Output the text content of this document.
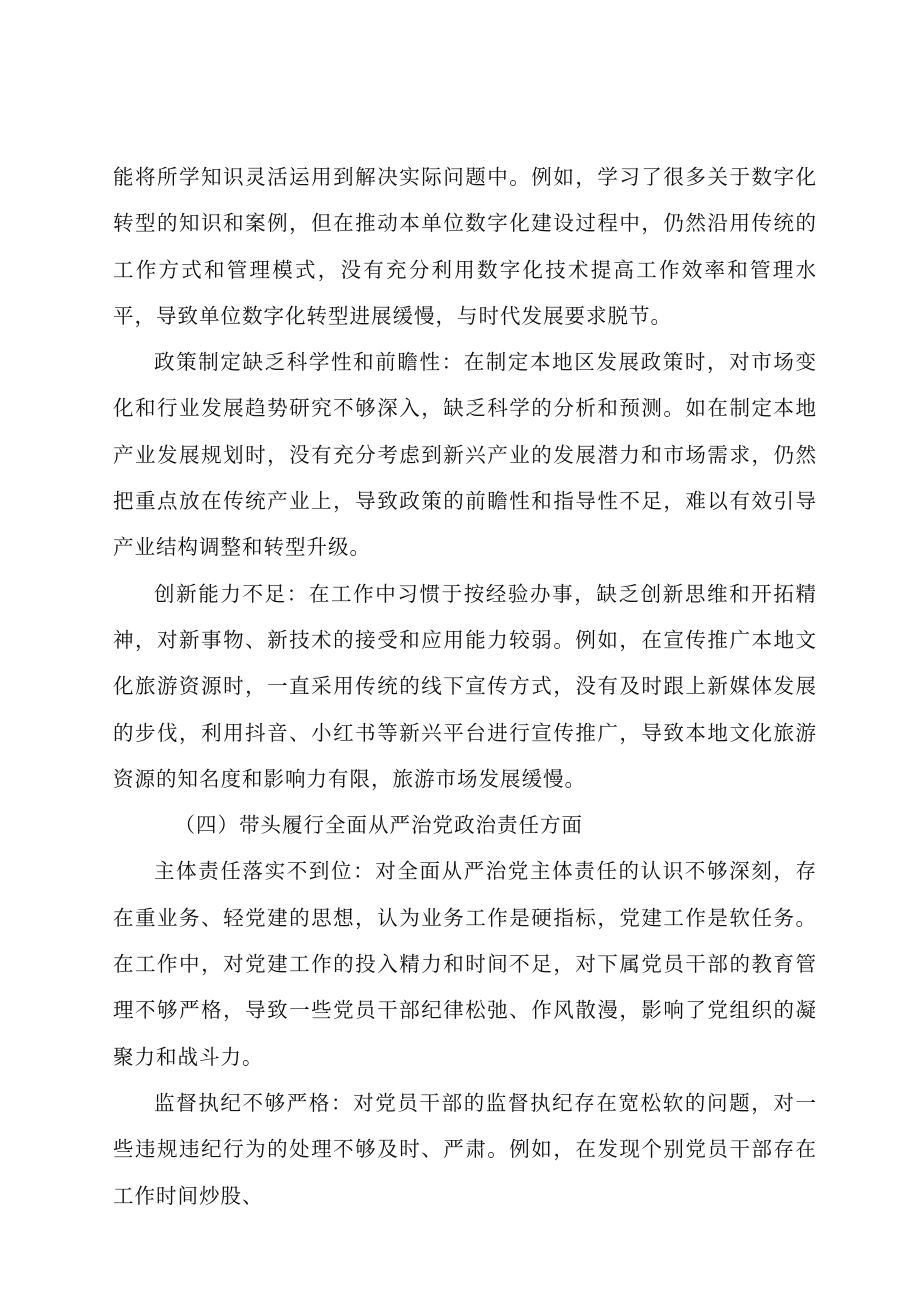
能将所学知识灵活运用到解决实际问题中。例如，学习了很多关于数字化转型的知识和案例，但在推动本单位数字化建设过程中，仍然沿用传统的工作方式和管理模式，没有充分利用数字化技术提高工作效率和管理水平，导致单位数字化转型进展缓慢，与时代发展要求脱节。

政策制定缺乏科学性和前瞻性：在制定本地区发展政策时，对市场变化和行业发展趋势研究不够深入，缺乏科学的分析和预测。如在制定本地产业发展规划时，没有充分考虑到新兴产业的发展潜力和市场需求，仍然把重点放在传统产业上，导致政策的前瞻性和指导性不足，难以有效引导产业结构调整和转型升级。

创新能力不足：在工作中习惯于按经验办事，缺乏创新思维和开拓精神，对新事物、新技术的接受和应用能力较弱。例如，在宣传推广本地文化旅游资源时，一直采用传统的线下宣传方式，没有及时跟上新媒体发展的步伐，利用抖音、小红书等新兴平台进行宣传推广，导致本地文化旅游资源的知名度和影响力有限，旅游市场发展缓慢。

（四）带头履行全面从严治党政治责任方面

主体责任落实不到位：对全面从严治党主体责任的认识不够深刻，存在重业务、轻党建的思想，认为业务工作是硬指标，党建工作是软任务。在工作中，对党建工作的投入精力和时间不足，对下属党员干部的教育管理不够严格，导致一些党员干部纪律松弛、作风散漫，影响了党组织的凝聚力和战斗力。

监督执纪不够严格：对党员干部的监督执纪存在宽松软的问题，对一些违规违纪行为的处理不够及时、严肃。例如，在发现个别党员干部存在工作时间炒股、
